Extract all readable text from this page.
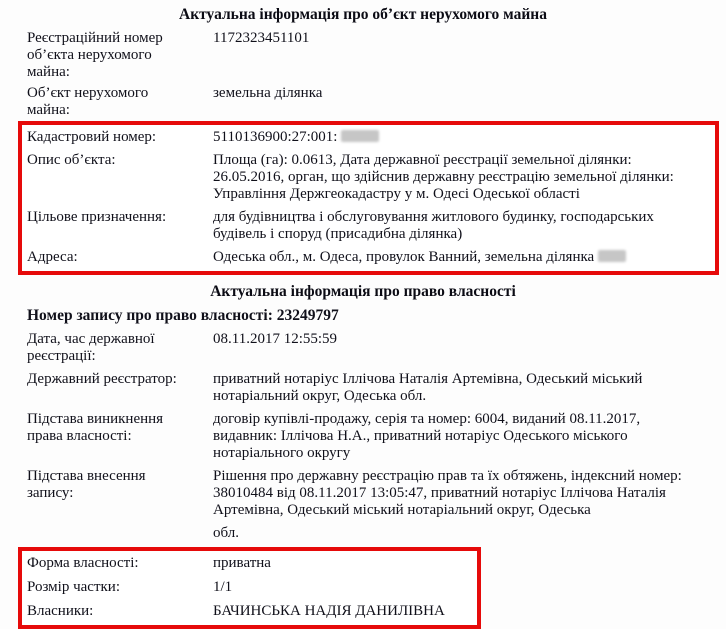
Актуальна інформація про об’єкт нерухомого майна
Реєстраційний номер об’єкта нерухомого майна:
1172323451101
Об’єкт нерухомого майна:
земельна ділянка
Кадастровий номер:	5110136900:27:001:
Опис об’єкта:	Площа (га): 0.0613, Дата державної реєстрації земельної ділянки: 26.05.2016, орган, що здійснив державну реєстрацію земельної ділянки: Управління Держгеокадастру у м. Одесі Одеської області
Цільове призначення:	для будівництва і обслуговування житлового будинку, господарських будівель і споруд (присадибна ділянка)
Адреса:	Одеська обл., м. Одеса, провулок Ванний, земельна ділянка
Актуальна інформація про право власності
Номер запису про право власності: 23249797
Дата, час державної реєстрації:
08.11.2017 12:55:59
Державний реєстратор:	приватний нотаріус Іллічова Наталія Артемівна, Одеський міський нотаріальний округ, Одеська обл.
Підстава виникнення права власності:
договір купівлі-продажу, серія та номер: 6004, виданий 08.11.2017, видавник: Іллічова Н.А., приватний нотаріус Одеського міського нотаріального округу
Підстава внесення запису:
Рішення про державну реєстрацію прав та їх обтяжень, індексний номер: 38010484 від 08.11.2017 13:05:47, приватний нотаріус Іллічова Наталія Артемівна, Одеський міський нотаріальний округ, Одеська
обл.
Форма власності:	приватна
Розмір частки:	1/1
Власники:	БАЧИНСЬКА НАДІЯ ДАНИЛІВНА
